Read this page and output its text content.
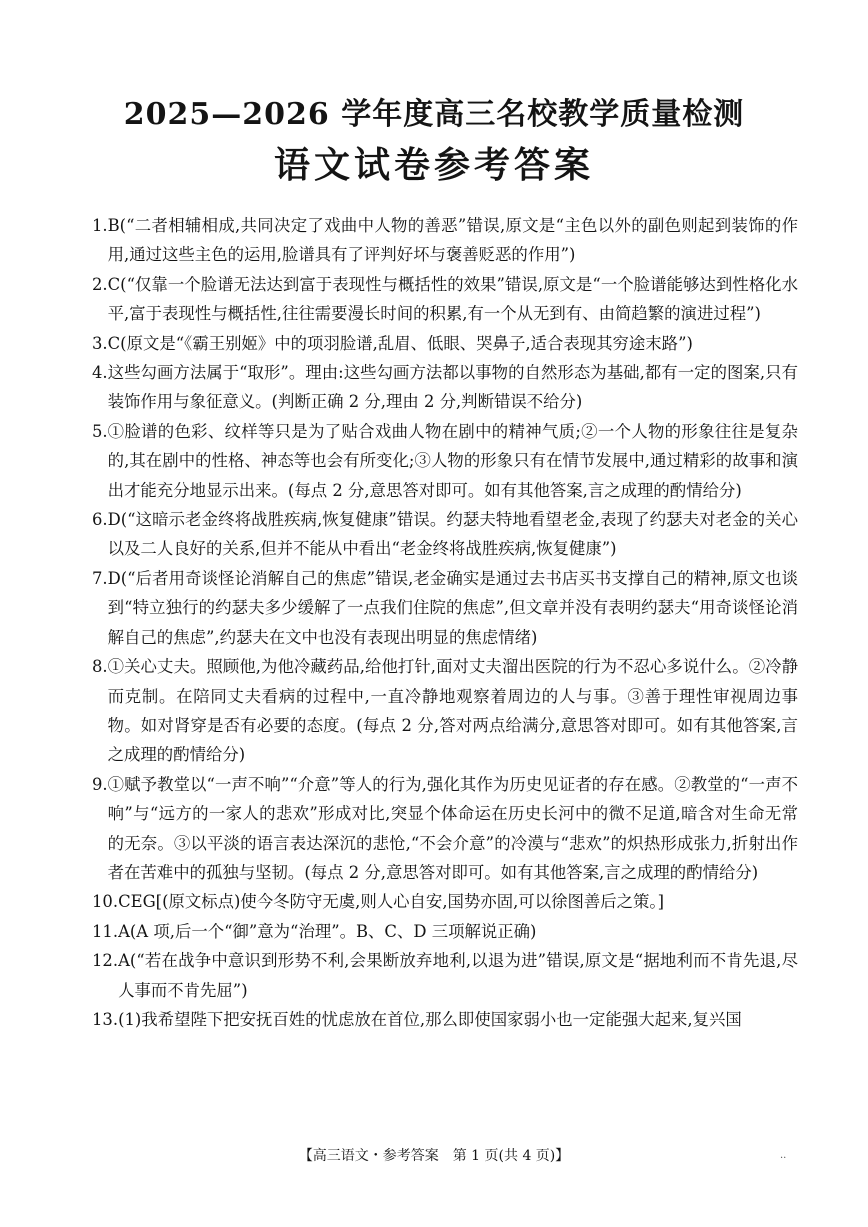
2025—2026 学年度高三名校教学质量检测
语文试卷参考答案
1. B(“二者相辅相成,共同决定了戏曲中人物的善恶”错误,原文是“主色以外的副色则起到装饰的作用,通过这些主色的运用,脸谱具有了评判好坏与褒善贬恶的作用”)
2. C(“仅靠一个脸谱无法达到富于表现性与概括性的效果”错误,原文是“一个脸谱能够达到性格化水平,富于表现性与概括性,往往需要漫长时间的积累,有一个从无到有、由简趋繁的演进过程”)
3. C(原文是“《霸王别姬》中的项羽脸谱,乱眉、低眼、哭鼻子,适合表现其穷途末路”)
4. 这些勾画方法属于“取形”。理由:这些勾画方法都以事物的自然形态为基础,都有一定的图案,只有装饰作用与象征意义。(判断正确 2 分,理由 2 分,判断错误不给分)
5. ①脸谱的色彩、纹样等只是为了贴合戏曲人物在剧中的精神气质;②一个人物的形象往往是复杂的,其在剧中的性格、神态等也会有所变化;③人物的形象只有在情节发展中,通过精彩的故事和演出才能充分地显示出来。(每点 2 分,意思答对即可。如有其他答案,言之成理的酌情给分)
6. D(“这暗示老金终将战胜疾病,恢复健康”错误。约瑟夫特地看望老金,表现了约瑟夫对老金的关心以及二人良好的关系,但并不能从中看出“老金终将战胜疾病,恢复健康”)
7. D(“后者用奇谈怪论消解自己的焦虑”错误,老金确实是通过去书店买书支撑自己的精神,原文也谈到“特立独行的约瑟夫多少缓解了一点我们住院的焦虑”,但文章并没有表明约瑟夫“用奇谈怪论消解自己的焦虑”,约瑟夫在文中也没有表现出明显的焦虑情绪)
8. ①关心丈夫。照顾他,为他冷藏药品,给他打针,面对丈夫溜出医院的行为不忍心多说什么。②冷静而克制。在陪同丈夫看病的过程中,一直冷静地观察着周边的人与事。③善于理性审视周边事物。如对肾穿是否有必要的态度。(每点 2 分,答对两点给满分,意思答对即可。如有其他答案,言之成理的酌情给分)
9. ①赋予教堂以“一声不响”“介意”等人的行为,强化其作为历史见证者的存在感。②教堂的“一声不响”与“远方的一家人的悲欢”形成对比,突显个体命运在历史长河中的微不足道,暗含对生命无常的无奈。③以平淡的语言表达深沉的悲怆,“不会介意”的冷漠与“悲欢”的炽热形成张力,折射出作者在苦难中的孤独与坚韧。(每点 2 分,意思答对即可。如有其他答案,言之成理的酌情给分)
10. CEG[(原文标点)使今冬防守无虞,则人心自安,国势亦固,可以徐图善后之策。]
11. A(A 项,后一个“御”意为“治理”。B、C、D 三项解说正确)
12. A(“若在战争中意识到形势不利,会果断放弃地利,以退为进”错误,原文是“据地利而不肯先退,尽人事而不肯先屈”)
13. (1)我希望陛下把安抚百姓的忧虑放在首位,那么即使国家弱小也一定能强大起来,复兴国
【高三语文・参考答案　第 1 页(共 4 页)】	..
